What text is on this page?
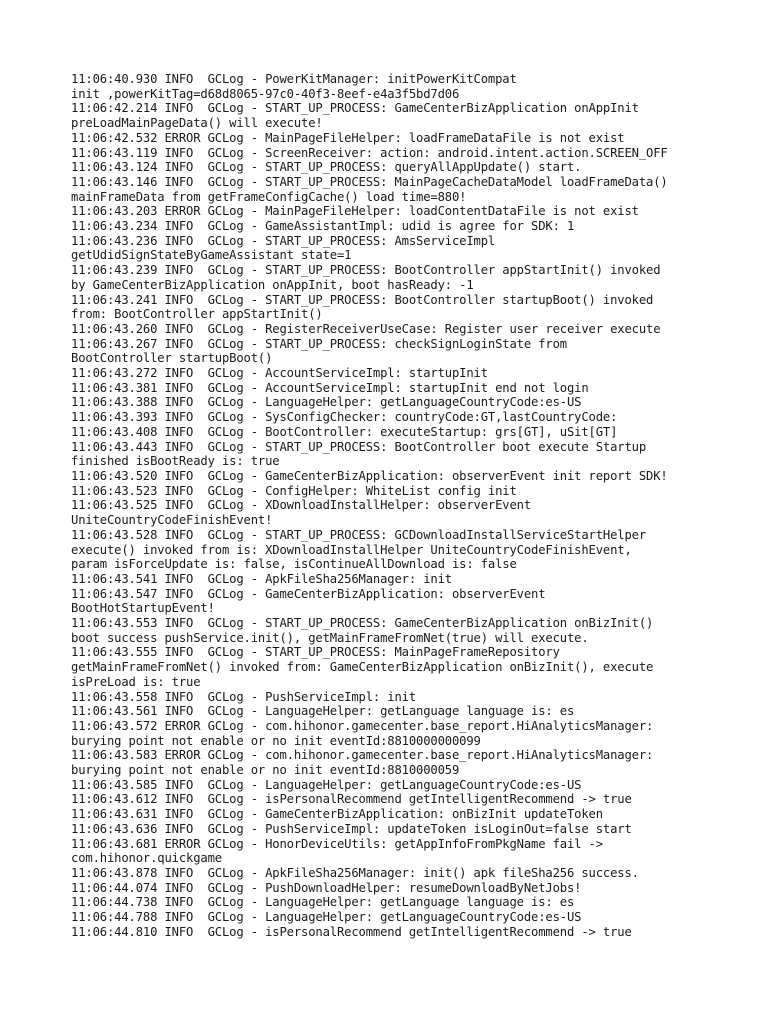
11:06:40.930 INFO  GCLog - PowerKitManager: initPowerKitCompat
init ,powerKitTag=d68d8065-97c0-40f3-8eef-e4a3f5bd7d06
11:06:42.214 INFO  GCLog - START_UP_PROCESS: GameCenterBizApplication onAppInit
preLoadMainPageData() will execute!
11:06:42.532 ERROR GCLog - MainPageFileHelper: loadFrameDataFile is not exist
11:06:43.119 INFO  GCLog - ScreenReceiver: action: android.intent.action.SCREEN_OFF
11:06:43.124 INFO  GCLog - START_UP_PROCESS: queryAllAppUpdate() start.
11:06:43.146 INFO  GCLog - START_UP_PROCESS: MainPageCacheDataModel loadFrameData()
mainFrameData from getFrameConfigCache() load time=880!
11:06:43.203 ERROR GCLog - MainPageFileHelper: loadContentDataFile is not exist
11:06:43.234 INFO  GCLog - GameAssistantImpl: udid is agree for SDK: 1
11:06:43.236 INFO  GCLog - START_UP_PROCESS: AmsServiceImpl
getUdidSignStateByGameAssistant state=1
11:06:43.239 INFO  GCLog - START_UP_PROCESS: BootController appStartInit() invoked
by GameCenterBizApplication onAppInit, boot hasReady: -1
11:06:43.241 INFO  GCLog - START_UP_PROCESS: BootController startupBoot() invoked
from: BootController appStartInit()
11:06:43.260 INFO  GCLog - RegisterReceiverUseCase: Register user receiver execute
11:06:43.267 INFO  GCLog - START_UP_PROCESS: checkSignLoginState from
BootController startupBoot()
11:06:43.272 INFO  GCLog - AccountServiceImpl: startupInit
11:06:43.381 INFO  GCLog - AccountServiceImpl: startupInit end not login
11:06:43.388 INFO  GCLog - LanguageHelper: getLanguageCountryCode:es-US
11:06:43.393 INFO  GCLog - SysConfigChecker: countryCode:GT,lastCountryCode:
11:06:43.408 INFO  GCLog - BootController: executeStartup: grs[GT], uSit[GT]
11:06:43.443 INFO  GCLog - START_UP_PROCESS: BootController boot execute Startup
finished isBootReady is: true
11:06:43.520 INFO  GCLog - GameCenterBizApplication: observerEvent init report SDK!
11:06:43.523 INFO  GCLog - ConfigHelper: WhiteList config init
11:06:43.525 INFO  GCLog - XDownloadInstallHelper: observerEvent
UniteCountryCodeFinishEvent!
11:06:43.528 INFO  GCLog - START_UP_PROCESS: GCDownloadInstallServiceStartHelper
execute() invoked from is: XDownloadInstallHelper UniteCountryCodeFinishEvent,
param isForceUpdate is: false, isContinueAllDownload is: false
11:06:43.541 INFO  GCLog - ApkFileSha256Manager: init
11:06:43.547 INFO  GCLog - GameCenterBizApplication: observerEvent
BootHotStartupEvent!
11:06:43.553 INFO  GCLog - START_UP_PROCESS: GameCenterBizApplication onBizInit()
boot success pushService.init(), getMainFrameFromNet(true) will execute.
11:06:43.555 INFO  GCLog - START_UP_PROCESS: MainPageFrameRepository
getMainFrameFromNet() invoked from: GameCenterBizApplication onBizInit(), execute
isPreLoad is: true
11:06:43.558 INFO  GCLog - PushServiceImpl: init
11:06:43.561 INFO  GCLog - LanguageHelper: getLanguage language is: es
11:06:43.572 ERROR GCLog - com.hihonor.gamecenter.base_report.HiAnalyticsManager:
burying point not enable or no init eventId:8810000000099
11:06:43.583 ERROR GCLog - com.hihonor.gamecenter.base_report.HiAnalyticsManager:
burying point not enable or no init eventId:8810000059
11:06:43.585 INFO  GCLog - LanguageHelper: getLanguageCountryCode:es-US
11:06:43.612 INFO  GCLog - isPersonalRecommend getIntelligentRecommend -> true
11:06:43.631 INFO  GCLog - GameCenterBizApplication: onBizInit updateToken
11:06:43.636 INFO  GCLog - PushServiceImpl: updateToken isLoginOut=false start
11:06:43.681 ERROR GCLog - HonorDeviceUtils: getAppInfoFromPkgName fail ->
com.hihonor.quickgame
11:06:43.878 INFO  GCLog - ApkFileSha256Manager: init() apk fileSha256 success.
11:06:44.074 INFO  GCLog - PushDownloadHelper: resumeDownloadByNetJobs!
11:06:44.738 INFO  GCLog - LanguageHelper: getLanguage language is: es
11:06:44.788 INFO  GCLog - LanguageHelper: getLanguageCountryCode:es-US
11:06:44.810 INFO  GCLog - isPersonalRecommend getIntelligentRecommend -> true
